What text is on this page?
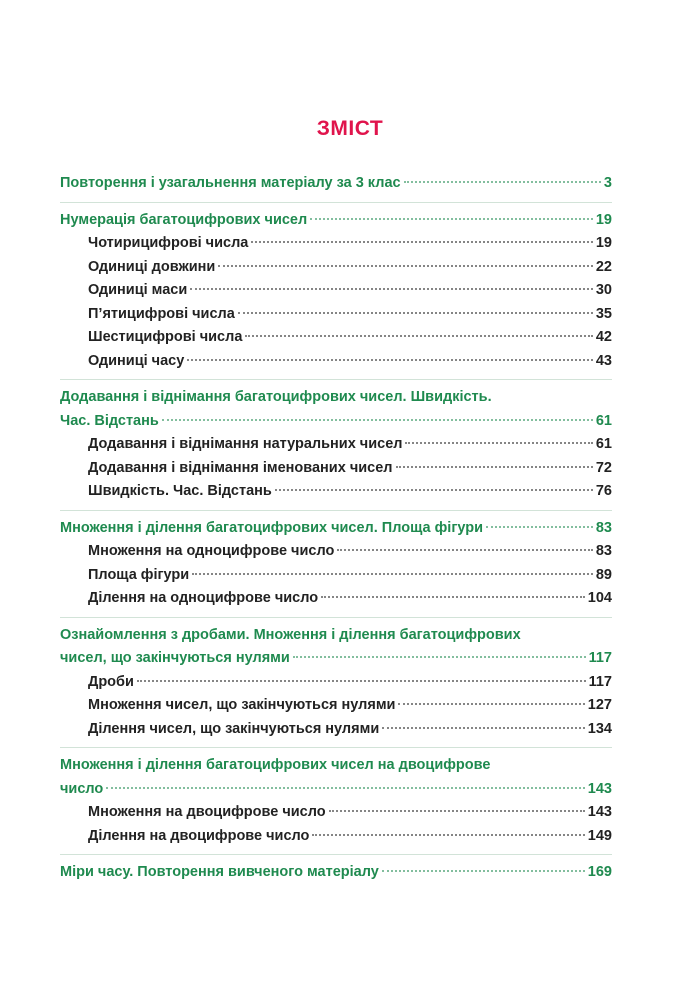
ЗМІСТ
Повторення і узагальнення матеріалу за 3 клас	3
Нумерація багатоцифрових чисел	19
Чотирицифрові числа	19
Одиниці довжини	22
Одиниці маси	30
П’ятицифрові числа	35
Шестицифрові числа	42
Одиниці часу	43
Додавання і віднімання багатоцифрових чисел. Швидкість.
Час. Відстань	61
Додавання і віднімання натуральних чисел	61
Додавання і віднімання іменованих чисел	72
Швидкість. Час. Відстань	76
Множення і ділення багатоцифрових чисел. Площа фігури	83
Множення на одноцифрове число	83
Площа фігури	89
Ділення на одноцифрове число	104
Ознайомлення з дробами. Множення і ділення багатоцифрових
чисел, що закінчуються нулями	117
Дроби	117
Множення чисел, що закінчуються нулями	127
Ділення чисел, що закінчуються нулями	134
Множення і ділення багатоцифрових чисел на двоцифрове
число	143
Множення на двоцифрове число	143
Ділення на двоцифрове число	149
Міри часу. Повторення вивченого матеріалу	169
